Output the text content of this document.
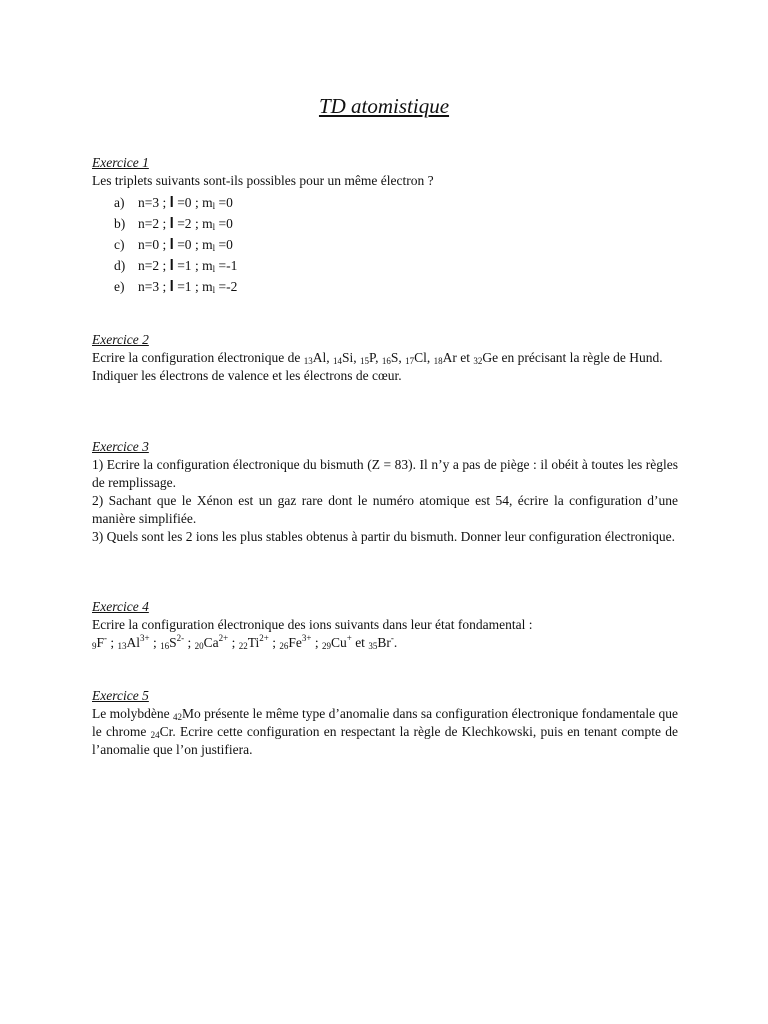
TD atomistique
Exercice 1

Les triplets suivants sont-ils possibles pour un même électron ?

a)	n=3 ; l =0 ; $m_l =0$
b) n=2 ; l =2 ; $m_l =0$
c)	n=0 ; l =0 ; $m_l =0$
d) n=2 ; l =1 ; $m_l =-1$
e)	n=3 ; l =1 ; $m_l =-2$
Exercice 2

Ecrire la configuration électronique de $_{13}$Al, $_{14}$Si, $_{15}$P, $_{16}$S, $_{17}$Cl, $_{18}$Ar et $_{32}$Ge en précisant la règle de Hund.

Indiquer les électrons de valence et les électrons de cœur.

Exercice 3

1) Ecrire la configuration électronique du bismuth (Z = 83). Il n’y a pas de piège : il obéit à toutes les règles de remplissage.

2) Sachant que le Xénon est un gaz rare dont le numéro atomique est 54, écrire la configuration d’une manière simplifiée.

3) Quels sont les 2 ions les plus stables obtenus à partir du bismuth. Donner leur configuration électronique.

Exercice 4

Ecrire la configuration électronique des ions suivants dans leur état fondamental :

$_9$F- ; $_{13}Al^{3+}$ ; $_{16}S^{2-}$ ; $_{20}Ca^{2+}$ ; $_{22}Ti^{2+}$ ; $_{26}Fe^{3+}$ ; $_{29}$Cu+ et $_{35}$Br-.

Exercice 5

Le molybdène $_{42}$Mo présente le même type d’anomalie dans sa configuration électronique fondamentale que le chrome $_{24}$Cr. Ecrire cette configuration en respectant la règle de Klechkowski, puis en tenant compte de l’anomalie que l’on justifiera.
